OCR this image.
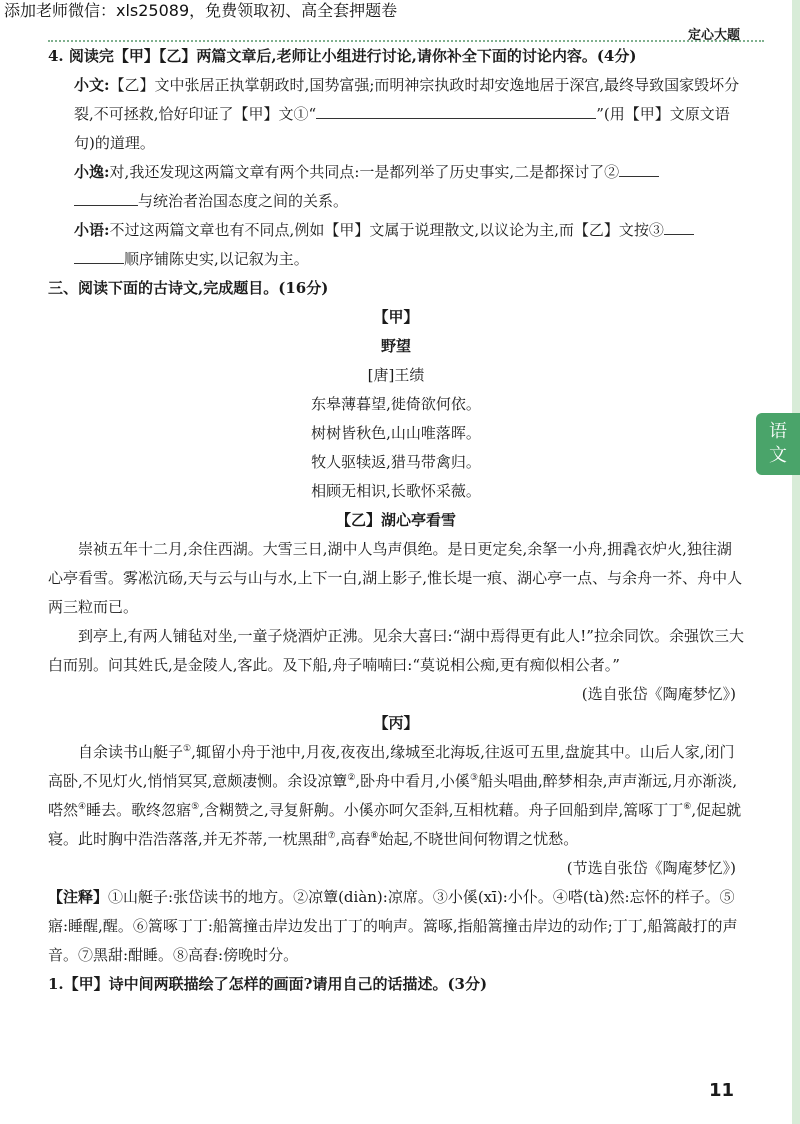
添加老师微信：xls25089，免费领取初、高全套押题卷
定心大题
语
文

4. 阅读完【甲】【乙】两篇文章后,老师让小组进行讨论,请你补全下面的讨论内容。(4分)

小文:【乙】文中张居正执掌朝政时,国势富强;而明神宗执政时却安逸地居于深宫,最终导致国家毁坏分裂,不可拯救,恰好印证了【甲】文①“	”(用【甲】文原文语句)的道理。

小逸:对,我还发现这两篇文章有两个共同点:一是都列举了历史事实,二是都探讨了②
与统治者治国态度之间的关系。

小语:不过这两篇文章也有不同点,例如【甲】文属于说理散文,以议论为主,而【乙】文按③
顺序铺陈史实,以记叙为主。

三、阅读下面的古诗文,完成题目。(16分)

【甲】

野望

[唐]王绩

东皋薄暮望,徙倚欲何依。

树树皆秋色,山山唯落晖。

牧人驱犊返,猎马带禽归。

相顾无相识,长歌怀采薇。

【乙】湖心亭看雪

崇祯五年十二月,余住西湖。大雪三日,湖中人鸟声俱绝。是日更定矣,余拏一小舟,拥毳衣炉火,独往湖心亭看雪。雾凇沆砀,天与云与山与水,上下一白,湖上影子,惟长堤一痕、湖心亭一点、与余舟一芥、舟中人两三粒而已。

到亭上,有两人铺毡对坐,一童子烧酒炉正沸。见余大喜曰:“湖中焉得更有此人!”拉余同饮。余强饮三大白而别。问其姓氏,是金陵人,客此。及下船,舟子喃喃曰:“莫说相公痴,更有痴似相公者。”

(选自张岱《陶庵梦忆》)

【丙】

自余读书山艇子①,辄留小舟于池中,月夜,夜夜出,缘城至北海坂,往返可五里,盘旋其中。山后人家,闭门高卧,不见灯火,悄悄冥冥,意颇凄恻。余设凉簟②,卧舟中看月,小傒③船头唱曲,醉梦相杂,声声渐远,月亦渐淡,嗒然④睡去。歌终忽寤⑤,含糊赞之,寻复鼾齁。小傒亦呵欠歪斜,互相枕藉。舟子回船到岸,篙啄丁丁⑥,促起就寝。此时胸中浩浩落落,并无芥蒂,一枕黑甜⑦,高舂⑧始起,不晓世间何物谓之忧愁。

(节选自张岱《陶庵梦忆》)

【注释】①山艇子:张岱读书的地方。②凉簟(diàn):凉席。③小傒(xī):小仆。④嗒(tà)然:忘怀的样子。⑤寤:睡醒,醒。⑥篙啄丁丁:船篙撞击岸边发出丁丁的响声。篙啄,指船篙撞击岸边的动作;丁丁,船篙敲打的声音。⑦黑甜:酣睡。⑧高舂:傍晚时分。

1.【甲】诗中间两联描绘了怎样的画面?请用自己的话描述。(3分)

11
